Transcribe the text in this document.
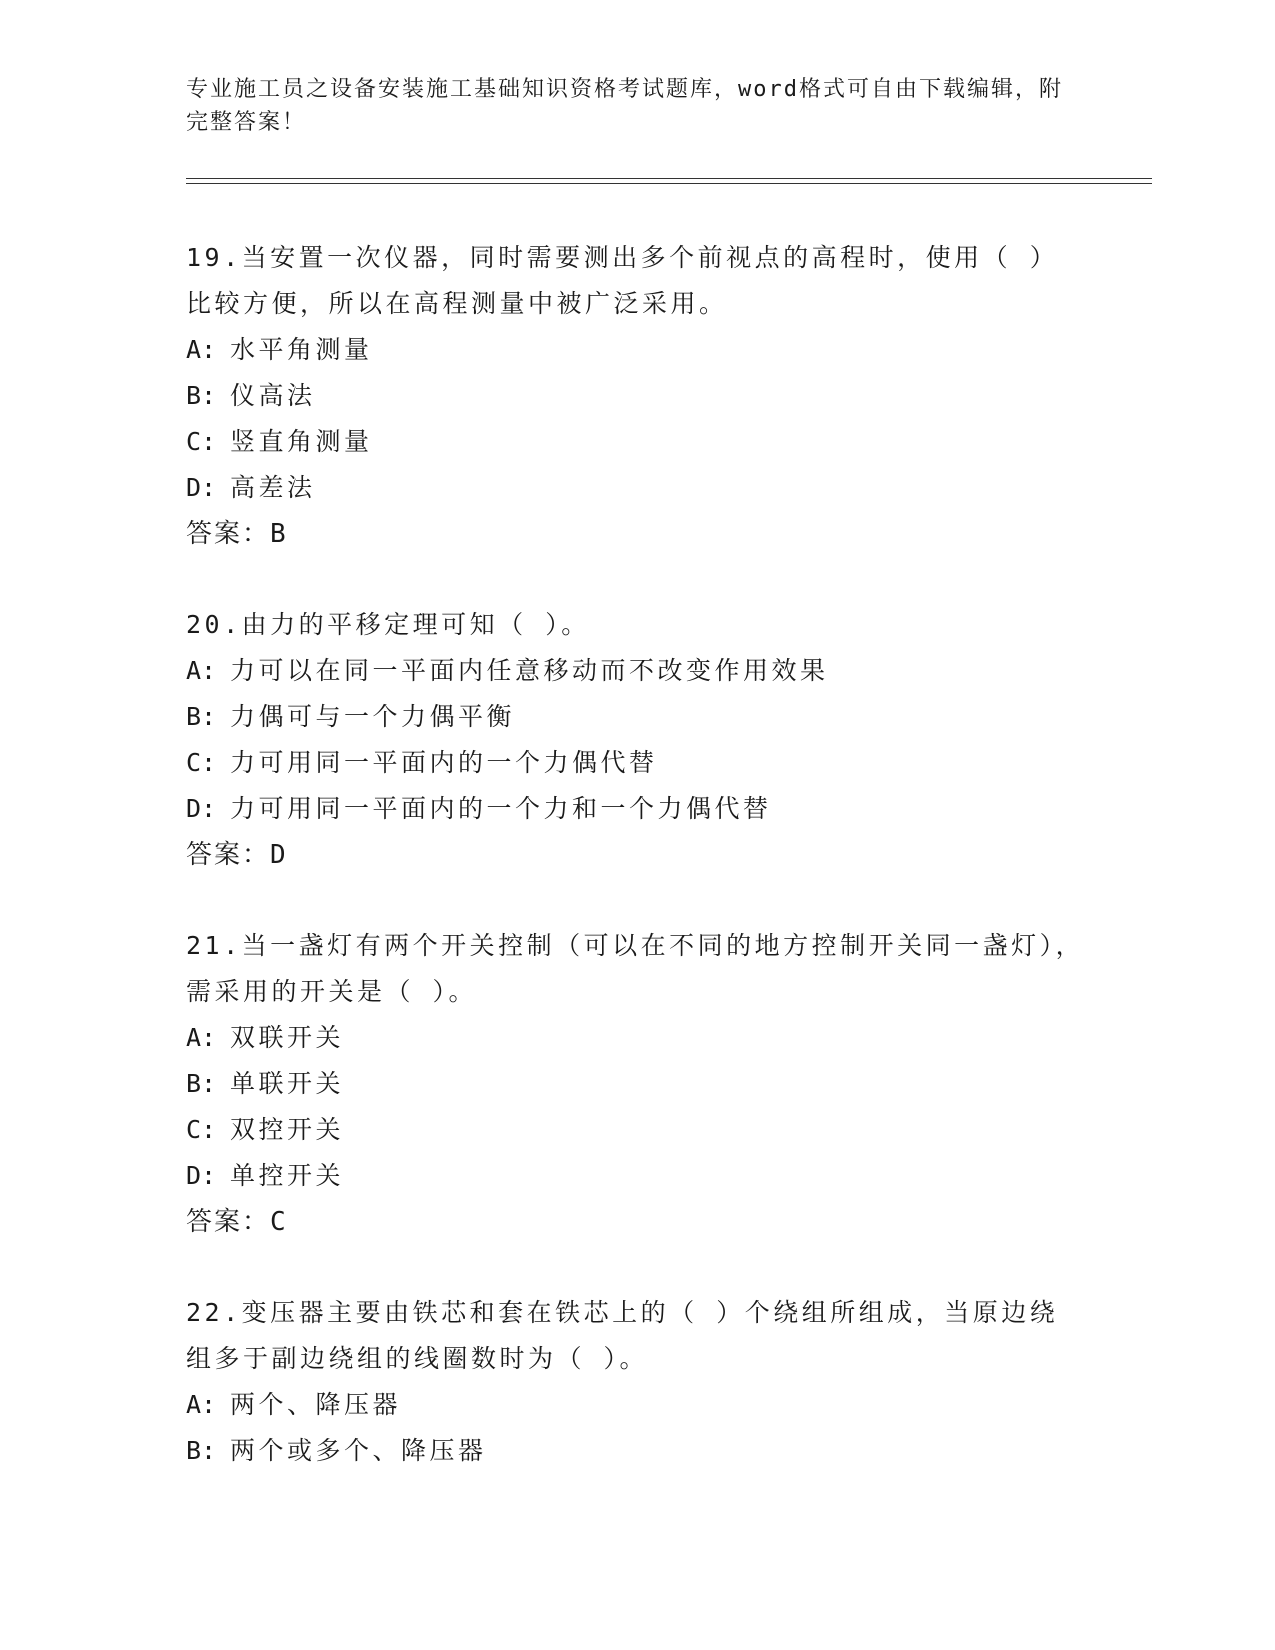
专业施工员之设备安装施工基础知识资格考试题库，word格式可自由下载编辑，附完整答案！

19.当安置一次仪器，同时需要测出多个前视点的高程时，使用（ ）比较方便，所以在高程测量中被广泛采用。

A: 水平角测量

B: 仪高法

C: 竖直角测量

D: 高差法

答案：B

20.由力的平移定理可知（ ）。

A: 力可以在同一平面内任意移动而不改变作用效果

B: 力偶可与一个力偶平衡

C: 力可用同一平面内的一个力偶代替

D: 力可用同一平面内的一个力和一个力偶代替

答案：D

21.当一盏灯有两个开关控制（可以在不同的地方控制开关同一盏灯），需采用的开关是（ ）。

A: 双联开关

B: 单联开关

C: 双控开关

D: 单控开关

答案：C

22.变压器主要由铁芯和套在铁芯上的（ ）个绕组所组成，当原边绕组多于副边绕组的线圈数时为（ ）。

A: 两个、降压器

B: 两个或多个、降压器
